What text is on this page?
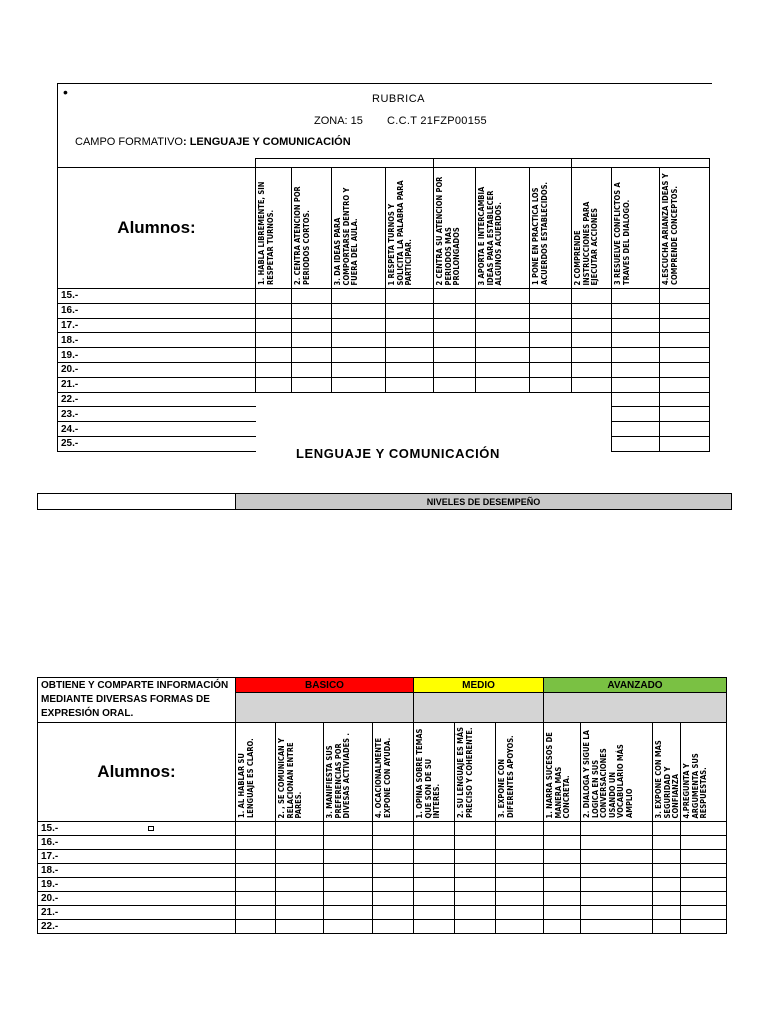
•	RUBRICA
ZONA: 15 C.C.T 21FZP00155
CAMPO FORMATIVO: LENGUAJE Y COMUNICACIÓN

Alumnos:	1. HABLA LIBREMENTE, SIN RESPETAR TURNOS.	2. CENTRA ATENCION POR PERIODOS CORTOS.	3. DA IDEAS PARA COMPORTARSE DENTRO Y FUERA DEL AULA.	1 RESPETA TURNOS Y SOLICITA LA PALABRA PARA PARTICIPAR.	2 CENTRA SU ATENCION POR PERIODOS MAS PROLONGADOS	3 APORTA E INTERCAMBIA IDEAS PARA ESTABLECER ALGUNOS ACUERDOS.	1 PONE EN PRACTICA LOS ACUERDOS ESTABLECIDOS.	2 COMPRENDE INSTRUCCIONES PARA EJECUTAR ACCIONES	3 RESUELVE CONFLICTOS A TRAVES DEL DIALOGO.	4.ESCUCHA ARIANZA IDEAS Y COMPRENDE CONCEPTOS.

15.-										
16.-										
17.-										
18.-										
19.-										
20.-										
21.-										
22.-										
23.-										
24.-										
25.-										
LENGUAJE Y COMUNICACIÓN
	NIVELES DE DESEMPEÑO
OBTIENE Y COMPARTE INFORMACIÓN MEDIANTE DIVERSAS FORMAS DE EXPRESIÓN ORAL.	BASICO				MEDIO			AVANZADO			

Alumnos:	1. AL HABLAR SU LENGUAJE ES CLARO.	2. , SE COMUNICAN Y RELACIONAN ENTRE PARES.	3. MANIFIESTA SUS PREFERENCIAS POR DIVESAS ACTIVIADES .	4. OCACIONALMENTE EXPONE CON AYUDA.	1. OPINA SOBRE TEMAS QUE SON DE SU INTERES.	2. SU LENGUAJE ES MÁS PRECISO Y COHERENTE.	3. EXPONE CON DIFERENTES APOYOS.	1. NARRA SUCESOS DE MANERA MAS CONCRETA.	2. DIALOGA Y SIGUE LA LOGICA EN SUS CONVERSACIONES USANDO UN VOCABULARIO MÁS AMPLIO	3. EXPONE CON MAS SEGURIDAD Y CONFIANZA	4.PREGUNTA Y ARGUMENTA SUS RESPUESTAS.

15.-											
16.-											
17.-											
18.-											
19.-											
20.-											
21.-											
22.-											
